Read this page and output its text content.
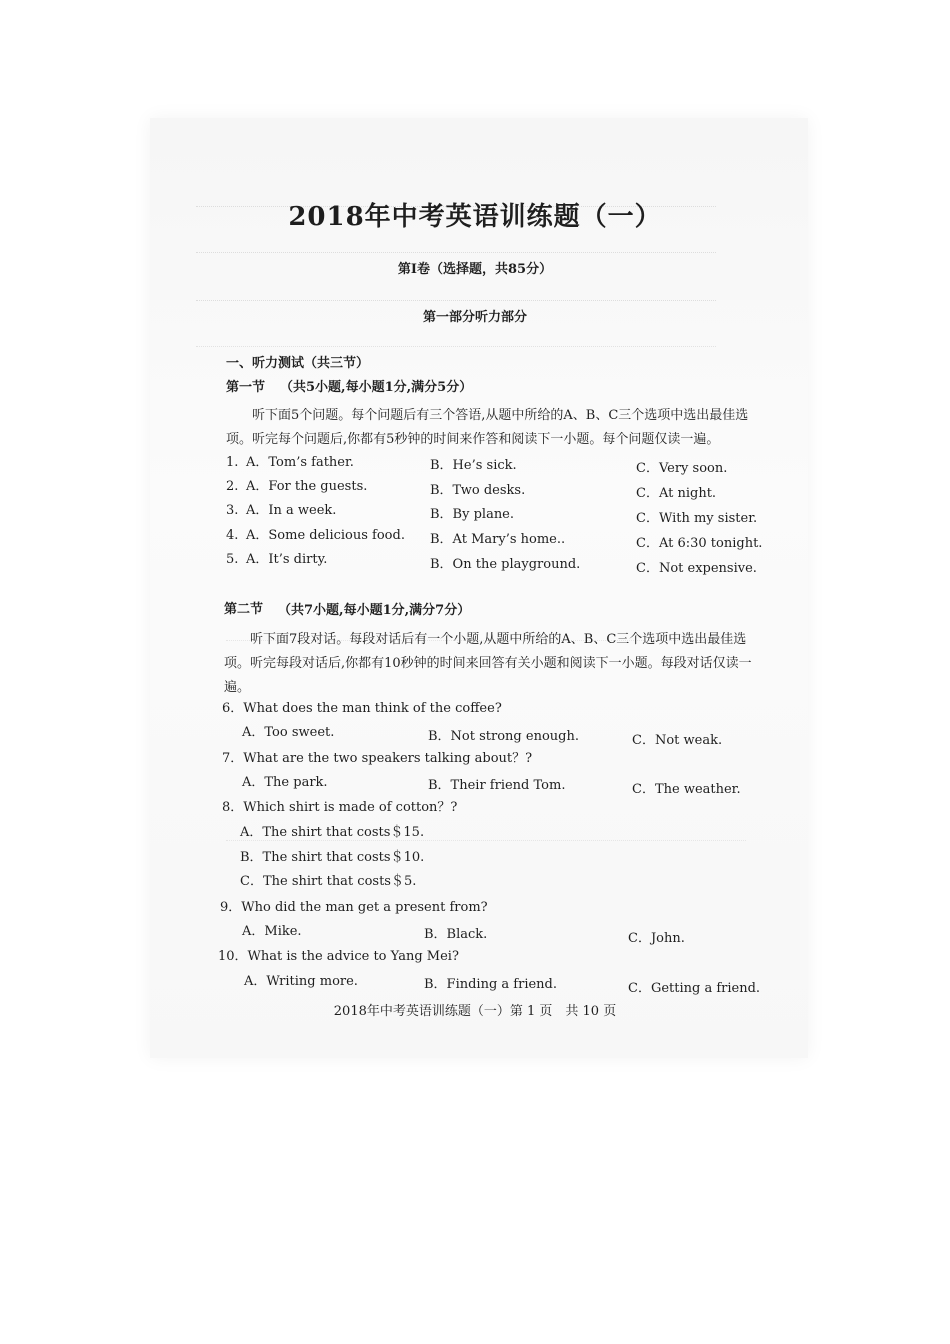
2018年中考英语训练题（一）
第Ⅰ卷（选择题，共85分）
第一部分听力部分
一、听力测试（共三节）
第一节 （共5小题,每小题1分,满分5分）
听下面5个问题。每个问题后有三个答语,从题中所给的A、B、C三个选项中选出最佳选项。听完每个问题后,你都有5秒钟的时间来作答和阅读下一小题。每个问题仅读一遍。
1. A．Tom’s father.	B．He’s sick.	C．Very soon.
2. A．For the guests.	B．Two desks.	C．At night.
3. A．In a week.	B．By plane.	C．With my sister.
4. A．Some delicious food. B．At Mary’s home..	C．At 6:30 tonight.
5. A．It’s dirty.	B．On the playground.	C．Not expensive.
第二节 （共7小题,每小题1分,满分7分）
听下面7段对话。每段对话后有一个小题,从题中所给的A、B、C三个选项中选出最佳选项。听完每段对话后,你都有10秒钟的时间来回答有关小题和阅读下一小题。每段对话仅读一遍。
6．What does the man think of the coffee?
A．Too sweet.	B．Not strong enough.	C．Not weak.
7．What are the two speakers talking about？?
A．The park.	B．Their friend Tom.	C．The weather.
8．Which shirt is made of cotton？?
A．The shirt that costs＄15.
B．The shirt that costs＄10.
C．The shirt that costs＄5.
9．Who did the man get a present from?
A．Mike.	B．Black.	C．John.
10．What is the advice to Yang Mei?
A．Writing more.	B．Finding a friend.	C．Getting a friend.
2018年中考英语训练题（一）第 1 页　共 10 页
